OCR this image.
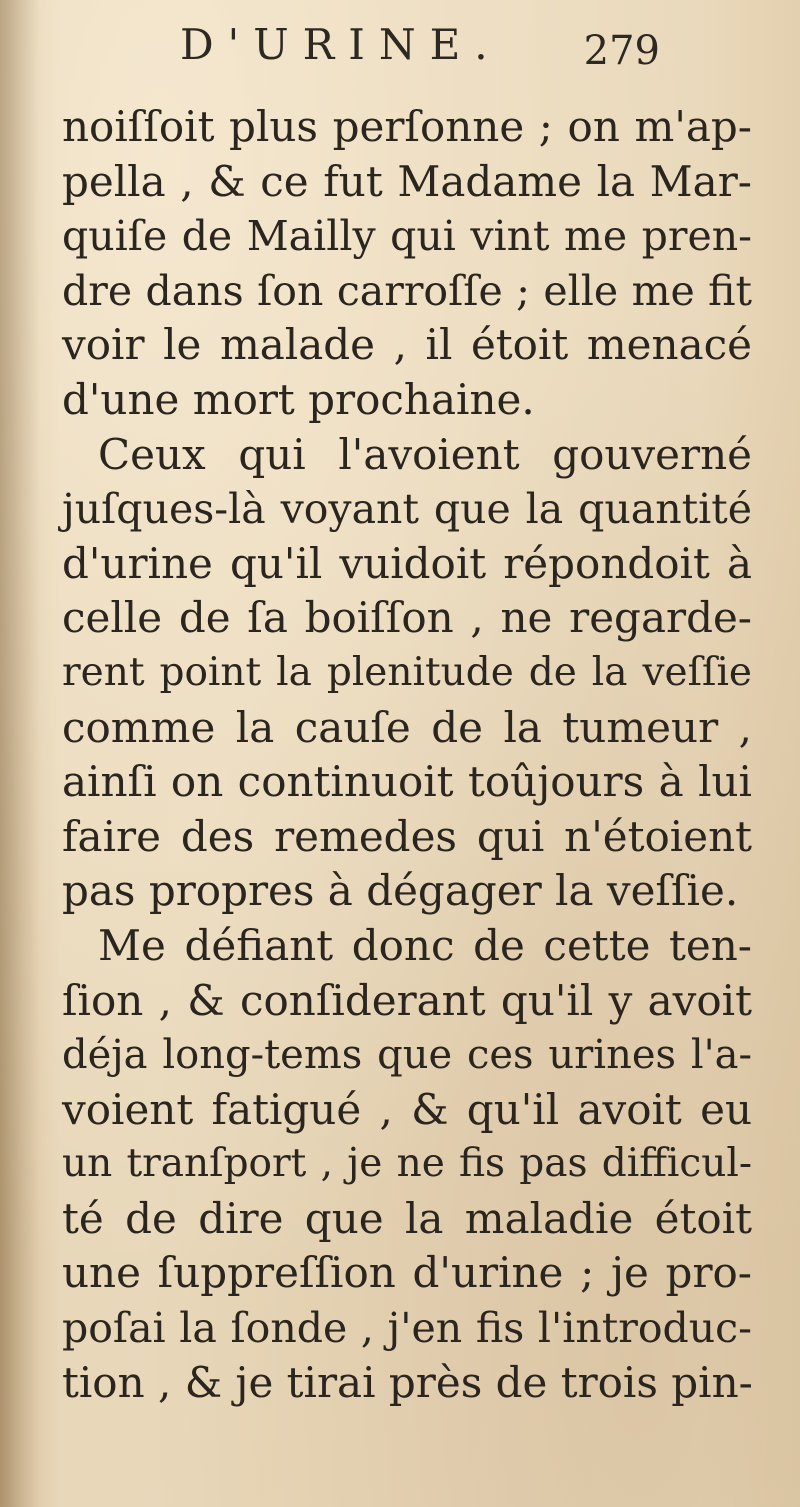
D'URINE. 279
noiſſoit plus perſonne ; on m'ap-
pella , & ce fut Madame la Mar-
quiſe de Mailly qui vint me pren-
dre dans ſon carroſſe ; elle me fit
voir le malade , il étoit menacé
d'une mort prochaine.
Ceux qui l'avoient gouverné
juſques-là voyant que la quantité
d'urine qu'il vuidoit répondoit à
celle de ſa boiſſon , ne regarde-
rent point la plenitude de la veſſie
comme la cauſe de la tumeur ,
ainſi on continuoit toûjours à lui
faire des remedes qui n'étoient
pas propres à dégager la veſſie.
Me défiant donc de cette ten-
ſion , & conſiderant qu'il y avoit
déja long-tems que ces urines l'a-
voient fatigué , & qu'il avoit eu
un tranſport , je ne fis pas difficul-
té de dire que la maladie étoit
une ſuppreſſion d'urine ; je pro-
poſai la ſonde , j'en fis l'introduc-
tion , & je tirai près de trois pin-
